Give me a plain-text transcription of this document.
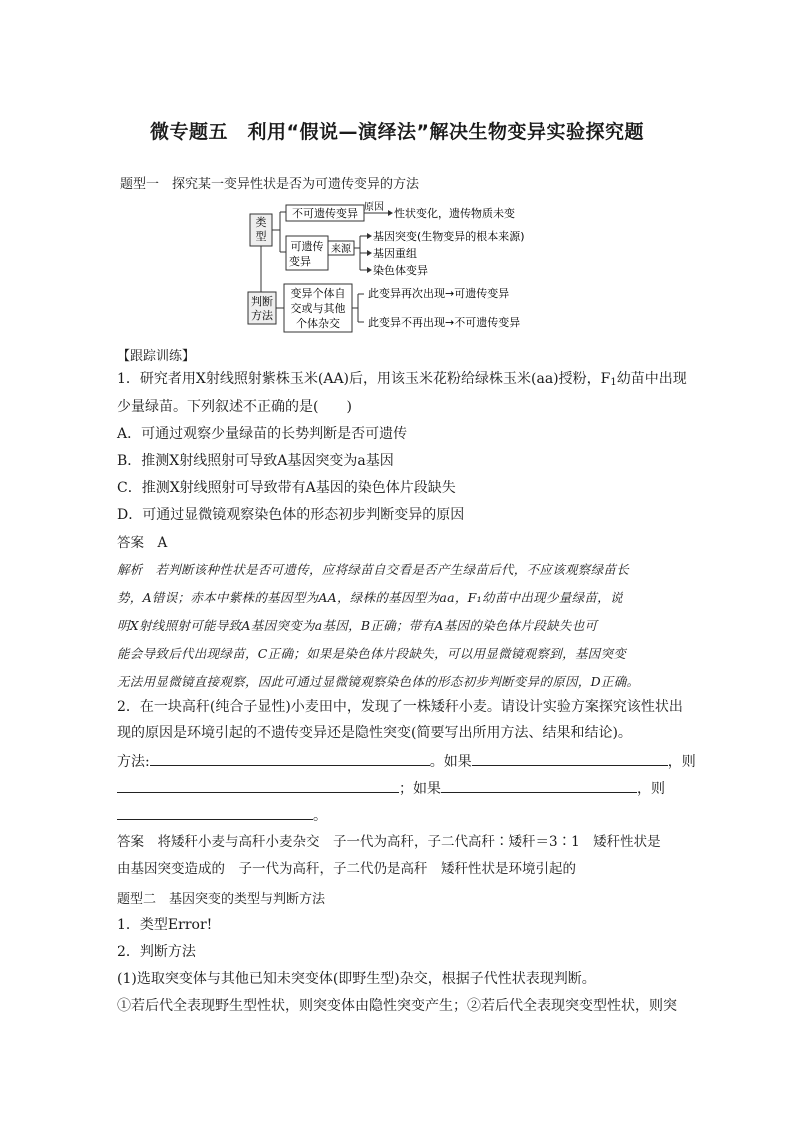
微专题五　利用“假说—演绎法”解决生物变异实验探究题
题型一　探究某一变异性状是否为可遗传变异的方法
类
型
不可遗传变异 原因 性状变化，遗传物质未变
可遗传
变异
来源
基因突变(生物变异的根本来源)
基因重组
染色体变异
判断
方法
变异个体自
交或与其他
个体杂交
此变异再次出现→可遗传变异
此变异不再出现→不可遗传变异
【跟踪训练】
1．研究者用X射线照射紫株玉米(AA)后，用该玉米花粉给绿株玉米(aa)授粉，$F_1$幼苗中出现
少量绿苗。下列叙述不正确的是(　　)
A．可通过观察少量绿苗的长势判断是否可遗传
B．推测X射线照射可导致A基因突变为a基因
C．推测X射线照射可导致带有A基因的染色体片段缺失
D．可通过显微镜观察染色体的形态初步判断变异的原因
答案　A
解析　若判断该种性状是否可遗传，应将绿苗自交看是否产生绿苗后代，不应该观察绿苗长
势，A错误；赤本中紫株的基因型为AA，绿株的基因型为aa，F₁幼苗中出现少量绿苗，说
明X射线照射可能导致A基因突变为a基因，B正确；带有A基因的染色体片段缺失也可
能会导致后代出现绿苗，C正确；如果是染色体片段缺失，可以用显微镜观察到，基因突变
无法用显微镜直接观察，因此可通过显微镜观察染色体的形态初步判断变异的原因，D正确。
2．在一块高秆(纯合子显性)小麦田中，发现了一株矮秆小麦。请设计实验方案探究该性状出
现的原因是环境引起的不遗传变异还是隐性突变(简要写出所用方法、结果和结论)。
方法:	。如果	，则
；如果	，则
。
答案　将矮秆小麦与高秆小麦杂交　子一代为高秆，子二代高秆∶矮秆＝3∶1　矮秆性状是
由基因突变造成的　子一代为高秆，子二代仍是高秆　矮秆性状是环境引起的
题型二　基因突变的类型与判断方法
1．类型Error!
2．判断方法
(1)选取突变体与其他已知未突变体(即野生型)杂交，根据子代性状表现判断。
①若后代全表现野生型性状，则突变体由隐性突变产生；②若后代全表现突变型性状，则突
